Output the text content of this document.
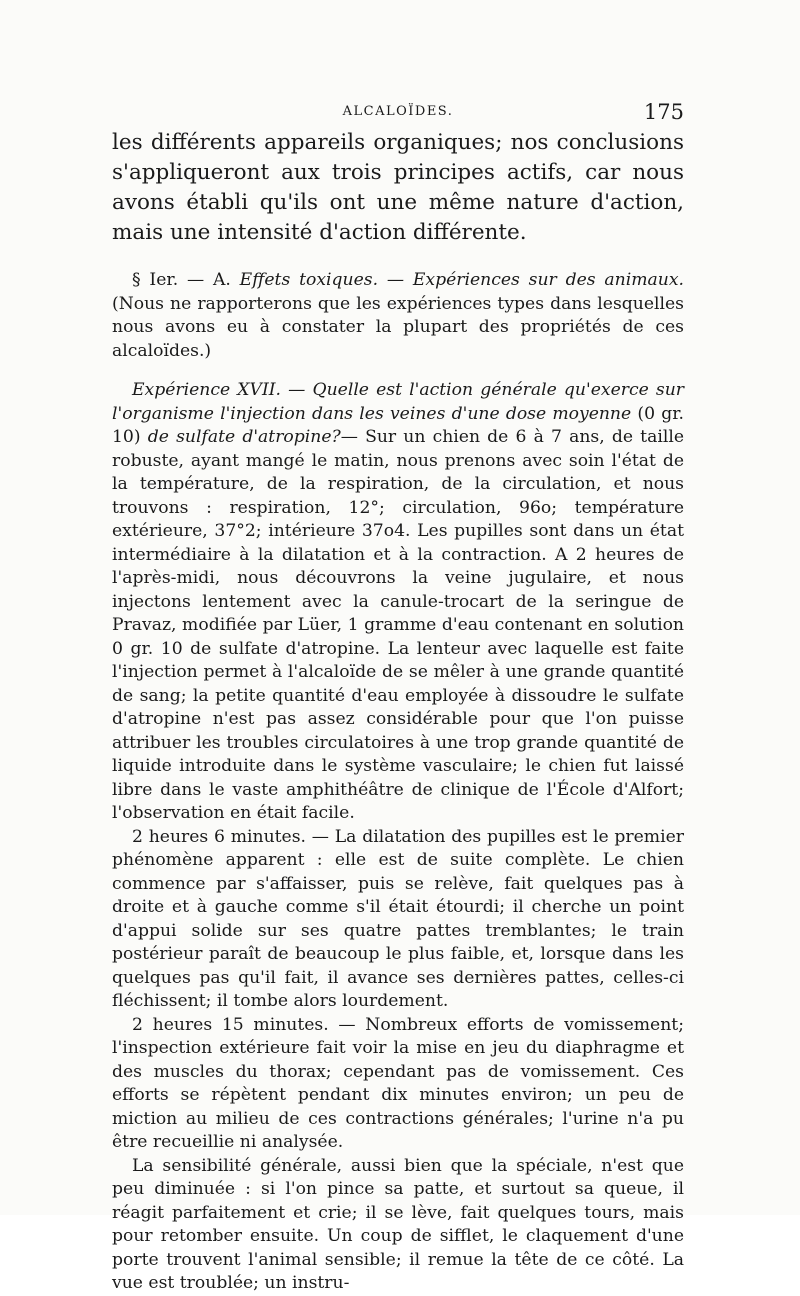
ALCALOÏDES.	175

les différents appareils organiques; nos conclusions s'appliqueront aux trois principes actifs, car nous avons établi qu'ils ont une même nature d'action, mais une intensité d'action différente.

§ Ier. — A. Effets toxiques. — Expériences sur des animaux. (Nous ne rapporterons que les expériences types dans lesquelles nous avons eu à constater la plupart des propriétés de ces alcaloïdes.)

Expérience XVII. — Quelle est l'action générale qu'exerce sur l'organisme l'injection dans les veines d'une dose moyenne (0 gr. 10) de sulfate d'atropine?— Sur un chien de 6 à 7 ans, de taille robuste, ayant mangé le matin, nous prenons avec soin l'état de la température, de la respiration, de la circulation, et nous trouvons : respiration, 12°; circulation, 96o; température extérieure, 37°2; intérieure 37o4. Les pupilles sont dans un état intermédiaire à la dilatation et à la contraction. A 2 heures de l'après-midi, nous découvrons la veine jugulaire, et nous injectons lentement avec la canule-trocart de la seringue de Pravaz, modifiée par Lüer, 1 gramme d'eau contenant en solution 0 gr. 10 de sulfate d'atropine. La lenteur avec laquelle est faite l'injection permet à l'alcaloïde de se mêler à une grande quantité de sang; la petite quantité d'eau employée à dissoudre le sulfate d'atropine n'est pas assez considérable pour que l'on puisse attribuer les troubles circulatoires à une trop grande quantité de liquide introduite dans le système vasculaire; le chien fut laissé libre dans le vaste amphithéâtre de clinique de l'École d'Alfort; l'observation en était facile.

2 heures 6 minutes. — La dilatation des pupilles est le premier phénomène apparent : elle est de suite complète. Le chien commence par s'affaisser, puis se relève, fait quelques pas à droite et à gauche comme s'il était étourdi; il cherche un point d'appui solide sur ses quatre pattes tremblantes; le train postérieur paraît de beaucoup le plus faible, et, lorsque dans les quelques pas qu'il fait, il avance ses dernières pattes, celles-ci fléchissent; il tombe alors lourdement.

2 heures 15 minutes. — Nombreux efforts de vomissement; l'inspection extérieure fait voir la mise en jeu du diaphragme et des muscles du thorax; cependant pas de vomissement. Ces efforts se répètent pendant dix minutes environ; un peu de miction au milieu de ces contractions générales; l'urine n'a pu être recueillie ni analysée.

La sensibilité générale, aussi bien que la spéciale, n'est que peu diminuée : si l'on pince sa patte, et surtout sa queue, il réagit parfaitement et crie; il se lève, fait quelques tours, mais pour retomber ensuite. Un coup de sifflet, le claquement d'une porte trouvent l'animal sensible; il remue la tête de ce côté. La vue est troublée; un instru-
